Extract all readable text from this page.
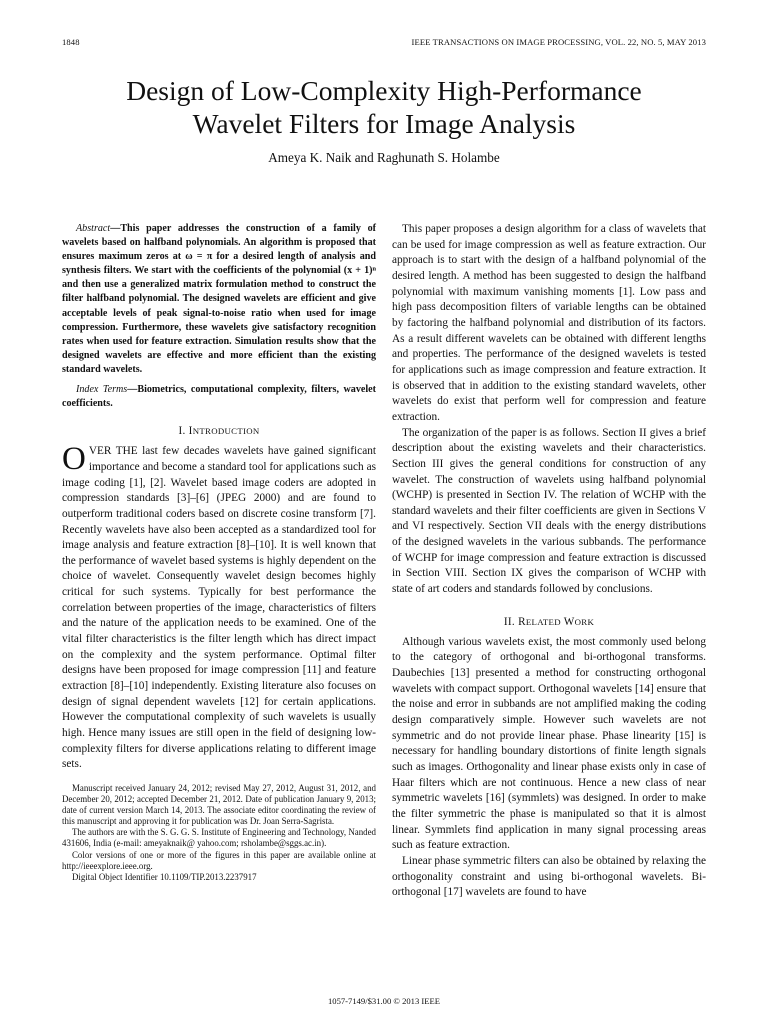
1848	IEEE TRANSACTIONS ON IMAGE PROCESSING, VOL. 22, NO. 5, MAY 2013
Design of Low-Complexity High-Performance
Wavelet Filters for Image Analysis
Ameya K. Naik and Raghunath S. Holambe

Abstract—This paper addresses the construction of a family of wavelets based on halfband polynomials. An algorithm is proposed that ensures maximum zeros at ω = π for a desired length of analysis and synthesis filters. We start with the coefficients of the polynomial (x + 1)ⁿ and then use a generalized matrix formulation method to construct the filter halfband polynomial. The designed wavelets are efficient and give acceptable levels of peak signal-to-noise ratio when used for image compression. Furthermore, these wavelets give satisfactory recognition rates when used for feature extraction. Simulation results show that the designed wavelets are effective and more efficient than the existing standard wavelets.

Index Terms—Biometrics, computational complexity, filters, wavelet coefficients.

I. INTRODUCTION

OVER THE last few decades wavelets have gained significant importance and become a standard tool for applications such as image coding [1], [2]. Wavelet based image coders are adopted in compression standards [3]–[6] (JPEG 2000) and are found to outperform traditional coders based on discrete cosine transform [7]. Recently wavelets have also been accepted as a standardized tool for image analysis and feature extraction [8]–[10]. It is well known that the performance of wavelet based systems is highly dependent on the choice of wavelet. Consequently wavelet design becomes highly critical for such systems. Typically for best performance the correlation between properties of the image, characteristics of filters and the nature of the application needs to be examined. One of the vital filter characteristics is the filter length which has direct impact on the complexity and the system performance. Optimal filter designs have been proposed for image compression [11] and feature extraction [8]–[10] independently. Existing literature also focuses on design of signal dependent wavelets [12] for certain applications. However the computational complexity of such wavelets is usually high. Hence many issues are still open in the field of designing low-complexity filters for diverse applications relating to different image sets.

Manuscript received January 24, 2012; revised May 27, 2012, August 31, 2012, and December 20, 2012; accepted December 21, 2012. Date of publication January 9, 2013; date of current version March 14, 2013. The associate editor coordinating the review of this manuscript and approving it for publication was Dr. Joan Serra-Sagrista.

The authors are with the S. G. G. S. Institute of Engineering and Technology, Nanded 431606, India (e-mail: ameyaknaik@ yahoo.com; rsholambe@sggs.ac.in).

Color versions of one or more of the figures in this paper are available online at http://ieeexplore.ieee.org.

Digital Object Identifier 10.1109/TIP.2013.2237917

This paper proposes a design algorithm for a class of wavelets that can be used for image compression as well as feature extraction. Our approach is to start with the design of a halfband polynomial of the desired length. A method has been suggested to design the halfband polynomial with maximum vanishing moments [1]. Low pass and high pass decomposition filters of variable lengths can be obtained by factoring the halfband polynomial and distribution of its factors. As a result different wavelets can be obtained with different lengths and properties. The performance of the designed wavelets is tested for applications such as image compression and feature extraction. It is observed that in addition to the existing standard wavelets, other wavelets do exist that perform well for compression and feature extraction.

The organization of the paper is as follows. Section II gives a brief description about the existing wavelets and their characteristics. Section III gives the general conditions for construction of any wavelet. The construction of wavelets using halfband polynomial (WCHP) is presented in Section IV. The relation of WCHP with the standard wavelets and their filter coefficients are given in Sections V and VI respectively. Section VII deals with the energy distributions of the designed wavelets in the various subbands. The performance of WCHP for image compression and feature extraction is discussed in Section VIII. Section IX gives the comparison of WCHP with state of art coders and standards followed by conclusions.

II. RELATED WORK

Although various wavelets exist, the most commonly used belong to the category of orthogonal and bi-orthogonal transforms. Daubechies [13] presented a method for constructing orthogonal wavelets with compact support. Orthogonal wavelets [14] ensure that the noise and error in subbands are not amplified making the coding design comparatively simple. However such wavelets are not symmetric and do not provide linear phase. Phase linearity [15] is necessary for handling boundary distortions of finite length signals such as images. Orthogonality and linear phase exists only in case of Haar filters which are not continuous. Hence a new class of near symmetric wavelets [16] (symmlets) was designed. In order to make the filter symmetric the phase is manipulated so that it is almost linear. Symmlets find application in many signal processing areas such as feature extraction.

Linear phase symmetric filters can also be obtained by relaxing the orthogonality constraint and using bi-orthogonal wavelets. Bi-orthogonal [17] wavelets are found to have

1057-7149/$31.00 © 2013 IEEE
